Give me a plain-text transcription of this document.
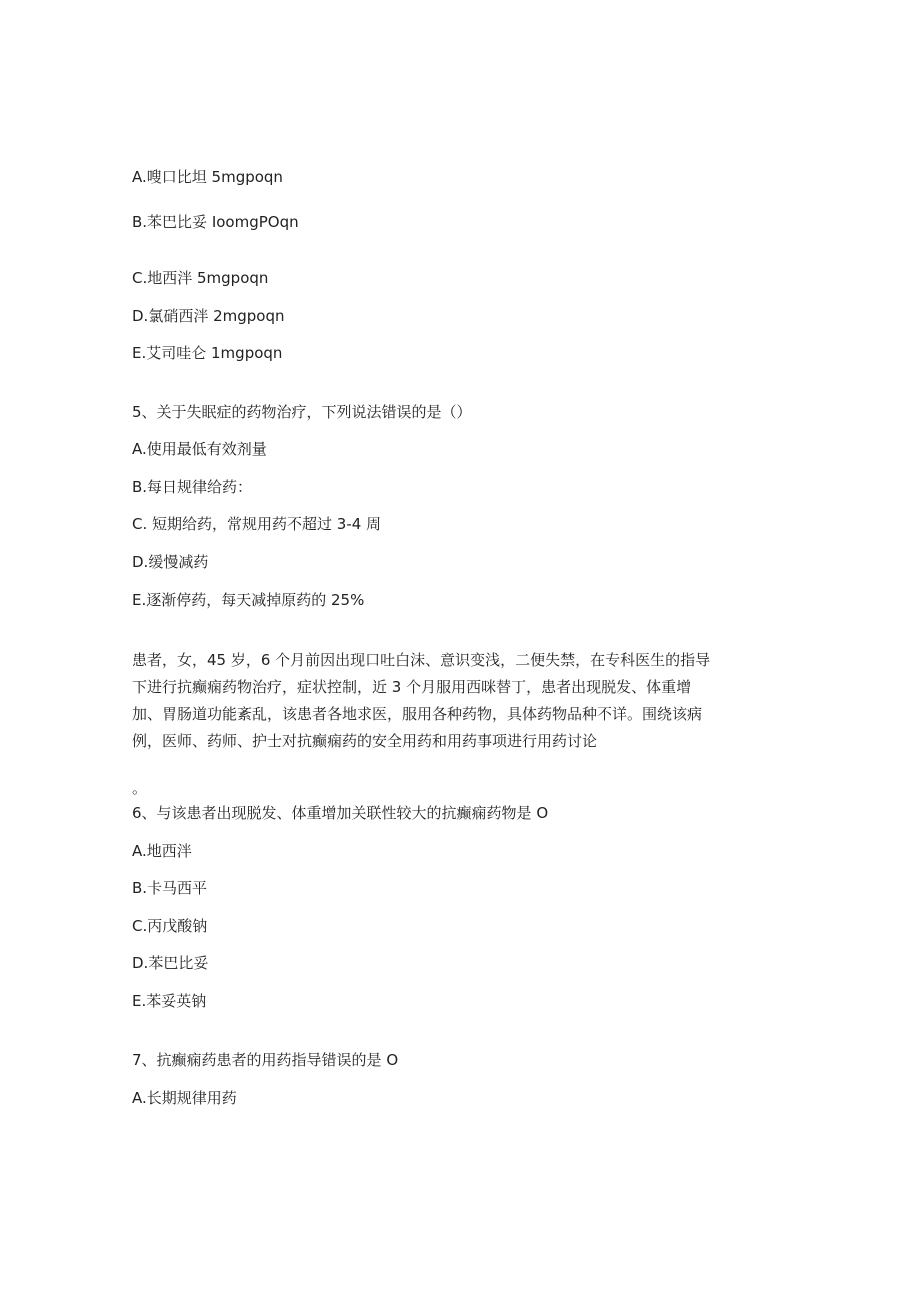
A.嗖口比坦 5mgpoqn
B.苯巴比妥 IoomgPOqn
C.地西泮 5mgpoqn
D.氯硝西泮 2mgpoqn
E.艾司哇仑 1mgpoqn
5、关于失眠症的药物治疗，下列说法错误的是（）
A.使用最低有效剂量
B.每日规律给药：
C. 短期给药，常规用药不超过 3-4 周
D.缓慢减药
E.逐渐停药，每天减掉原药的 25%
患者，女，45 岁，6 个月前因出现口吐白沫、意识变浅，二便失禁，在专科医生的指导
下进行抗癫痫药物治疗，症状控制，近 3 个月服用西咪替丁，患者出现脱发、体重增
加、胃肠道功能紊乱，该患者各地求医，服用各种药物，具体药物品种不详。围绕该病
例，医师、药师、护士对抗癫痫药的安全用药和用药事项进行用药讨论
。
6、与该患者出现脱发、体重增加关联性较大的抗癫痫药物是 O
A.地西泮
B.卡马西平
C.丙戊酸钠
D.苯巴比妥
E.苯妥英钠
7、抗癫痫药患者的用药指导错误的是 O
A.长期规律用药
